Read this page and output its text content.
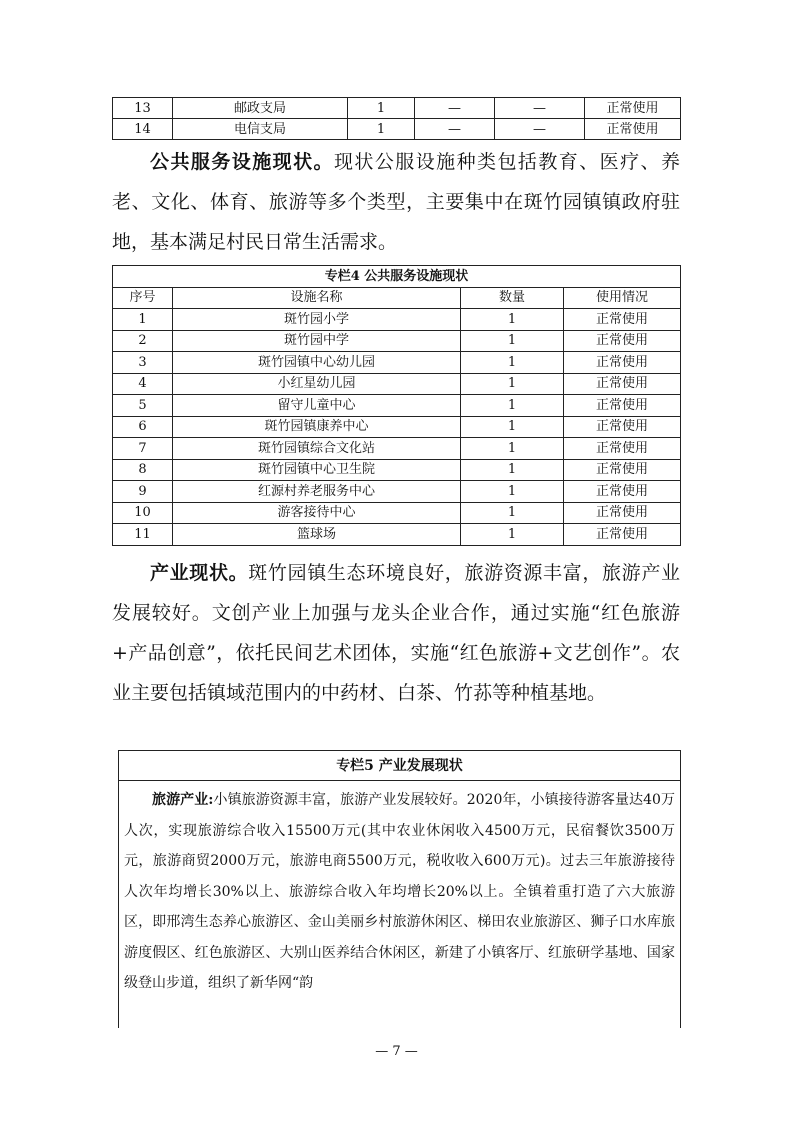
13	邮政支局	1	—	—	正常使用
14	电信支局	1	—	—	正常使用

公共服务设施现状。现状公服设施种类包括教育、医疗、养老、文化、体育、旅游等多个类型，主要集中在斑竹园镇镇政府驻地，基本满足村民日常生活需求。

专栏4 公共服务设施现状			
序号	设施名称	数量	使用情况
1	斑竹园小学	1	正常使用
2	斑竹园中学	1	正常使用
3	斑竹园镇中心幼儿园	1	正常使用
4	小红星幼儿园	1	正常使用
5	留守儿童中心	1	正常使用
6	斑竹园镇康养中心	1	正常使用
7	斑竹园镇综合文化站	1	正常使用
8	斑竹园镇中心卫生院	1	正常使用
9	红源村养老服务中心	1	正常使用
10	游客接待中心	1	正常使用
11	篮球场	1	正常使用

产业现状。斑竹园镇生态环境良好，旅游资源丰富，旅游产业发展较好。文创产业上加强与龙头企业合作，通过实施“红色旅游+产品创意”，依托民间艺术团体，实施“红色旅游+文艺创作”。农业主要包括镇域范围内的中药材、白茶、竹荪等种植基地。

专栏5 产业发展现状

旅游产业:小镇旅游资源丰富，旅游产业发展较好。2020年，小镇接待游客量达40万人次，实现旅游综合收入15500万元(其中农业休闲收入4500万元，民宿餐饮3500万元，旅游商贸2000万元，旅游电商5500万元，税收收入600万元)。过去三年旅游接待人次年均增长30%以上、旅游综合收入年均增长20%以上。全镇着重打造了六大旅游区，即邢湾生态养心旅游区、金山美丽乡村旅游休闲区、梯田农业旅游区、狮子口水库旅游度假区、红色旅游区、大别山医养结合休闲区，新建了小镇客厅、红旅研学基地、国家级登山步道，组织了新华网“韵

— 7 —
